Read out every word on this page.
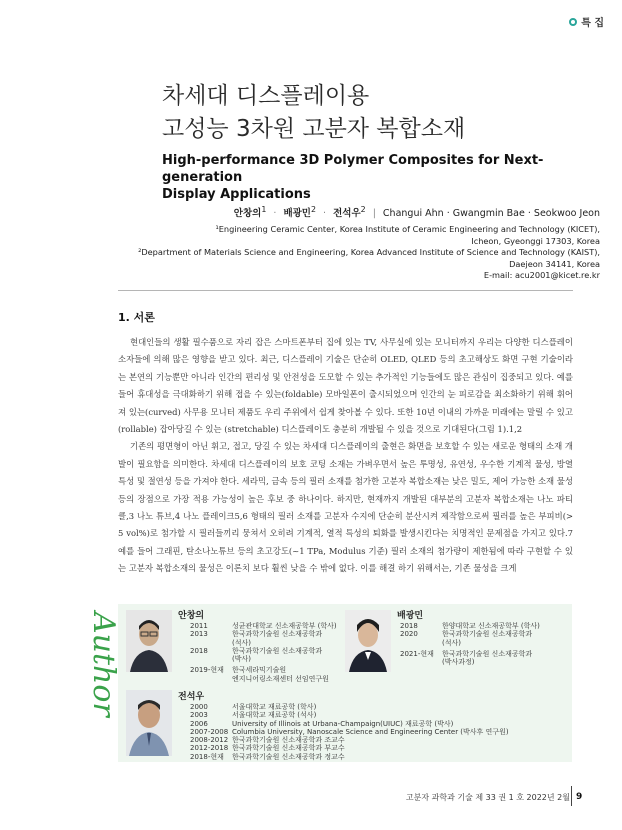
특 집
차세대 디스플레이용
고성능 3차원 고분자 복합소재
High-performance 3D Polymer Composites for Next-generation
Display Applications
안창의$^1$ · 배광민$^2$ · 전석우$^2$ | Changui Ahn · Gwangmin Bae · Seokwoo Jeon
¹Engineering Ceramic Center, Korea Institute of Ceramic Engineering and Technology (KICET),
Icheon, Gyeonggi 17303, Korea
²Department of Materials Science and Engineering, Korea Advanced Institute of Science and Technology (KAIST),
Daejeon 34141, Korea
E-mail: acu2001@kicet.re.kr
1. 서론

현대인들의 생활 필수품으로 자리 잡은 스마트폰부터 집에 있는 TV, 사무실에 있는 모니터까지 우리는 다양한 디스플레이 소자들에 의해 많은 영향을 받고 있다. 최근, 디스플레이 기술은 단순히 OLED, QLED 등의 초고해상도 화면 구현 기술이라는 본연의 기능뿐만 아니라 인간의 편리성 및 안전성을 도모할 수 있는 추가적인 기능들에도 많은 관심이 집중되고 있다. 예를 들어 휴대성을 극대화하기 위해 접을 수 있는(foldable) 모바일폰이 출시되었으며 인간의 눈 피로감을 최소화하기 위해 휘어져 있는(curved) 사무용 모니터 제품도 우리 주위에서 쉽게 찾아볼 수 있다. 또한 10년 이내의 가까운 미래에는 말릴 수 있고(rollable) 잡아당길 수 있는 (stretchable) 디스플레이도 충분히 개발될 수 있을 것으로 기대된다(그림 1).1,2

기존의 평면형이 아닌 휘고, 접고, 당길 수 있는 차세대 디스플레이의 출현은 화면을 보호할 수 있는 새로운 형태의 소재 개발이 필요함을 의미한다. 차세대 디스플레이의 보호 코팅 소재는 가벼우면서 높은 투명성, 유연성, 우수한 기계적 물성, 방열 특성 및 절연성 등을 가져야 한다. 세라믹, 금속 등의 필러 소재를 첨가한 고분자 복합소재는 낮은 밀도, 제어 가능한 소재 물성 등의 장점으로 가장 적용 가능성이 높은 후보 중 하나이다. 하지만, 현재까지 개발된 대부분의 고분자 복합소재는 나노 파티클,3 나노 튜브,4 나노 플레이크5,6 형태의 필러 소재를 고분자 수지에 단순히 분산시켜 제작함으로써 필러를 높은 부피비(> 5 vol%)로 첨가할 시 필러들끼리 뭉쳐서 오히려 기계적, 열적 특성의 퇴화를 발생시킨다는 치명적인 문제점을 가지고 있다.7 예를 들어 그래핀, 탄소나노튜브 등의 초고강도(~1 TPa, Modulus 기준) 필러 소재의 첨가량이 제한됨에 따라 구현할 수 있는 고분자 복합소재의 물성은 이론치 보다 훨씬 낮을 수 밖에 없다. 이를 해결 하기 위해서는, 기존 물성을 크게

Author	안창의
2011	성균관대학교 신소재공학부 (학사)
2013	한국과학기술원 신소재공학과
(석사)
2018	한국과학기술원 신소재공학과
(박사)
2019-현재	한국세라믹기술원
엔지니어링소재센터 선임연구원
배광민
2018	한양대학교 신소재공학부 (학사)
2020	한국과학기술원 신소재공학과
(석사)
2021-현재	한국과학기술원 신소재공학과
(박사과정)
전석우
2000	서울대학교 재료공학 (학사)
2003	서울대학교 재료공학 (석사)
2006	University of Illinois at Urbana-Champaign(UIUC) 재료공학 (박사)
2007-2008 Columbia University, Nanoscale Science and Engineering Center (박사후 연구원)
2008-2012 한국과학기술원 신소재공학과 조교수
2012-2018 한국과학기술원 신소재공학과 부교수
2018-현재	한국과학기술원 신소재공학과 정교수
고분자 과학과 기술 제 33 권 1 호 2022년 2월 9
